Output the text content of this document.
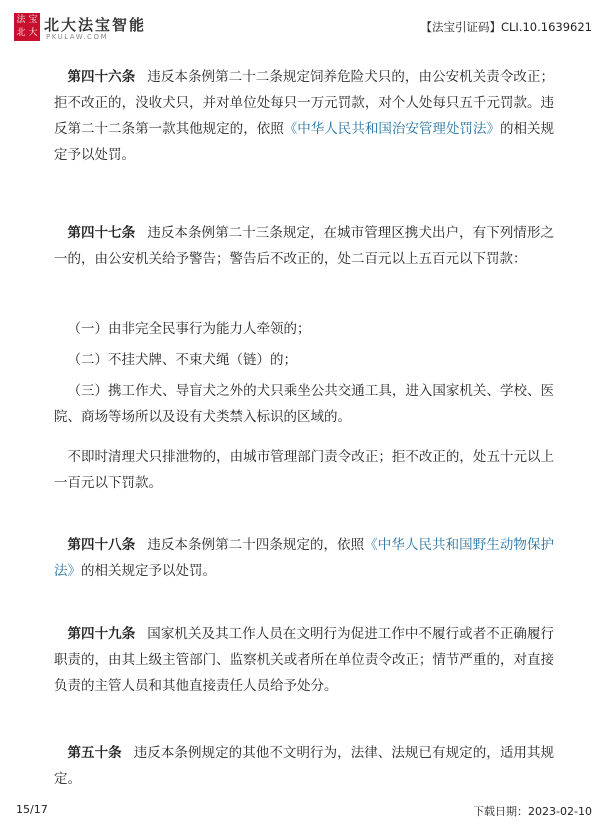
法 宝
北 大 北大法宝智能
PKULAW.COM
【法宝引证码】CLI.10.1639621

第四十六条 违反本条例第二十二条规定饲养危险犬只的，由公安机关责令改正；拒不改正的，没收犬只，并对单位处每只一万元罚款，对个人处每只五千元罚款。违反第二十二条第一款其他规定的，依照《中华人民共和国治安管理处罚法》的相关规定予以处罚。

第四十七条 违反本条例第二十三条规定，在城市管理区携犬出户，有下列情形之一的，由公安机关给予警告；警告后不改正的，处二百元以上五百元以下罚款：

（一）由非完全民事行为能力人牵领的；

（二）不挂犬牌、不束犬绳（链）的；

（三）携工作犬、导盲犬之外的犬只乘坐公共交通工具，进入国家机关、学校、医院、商场等场所以及设有犬类禁入标识的区域的。

不即时清理犬只排泄物的，由城市管理部门责令改正；拒不改正的，处五十元以上一百元以下罚款。

第四十八条 违反本条例第二十四条规定的，依照《中华人民共和国野生动物保护法》的相关规定予以处罚。

第四十九条 国家机关及其工作人员在文明行为促进工作中不履行或者不正确履行职责的，由其上级主管部门、监察机关或者所在单位责令改正；情节严重的，对直接负责的主管人员和其他直接责任人员给予处分。

第五十条 违反本条例规定的其他不文明行为，法律、法规已有规定的，适用其规定。

15/17	下载日期：2023-02-10
